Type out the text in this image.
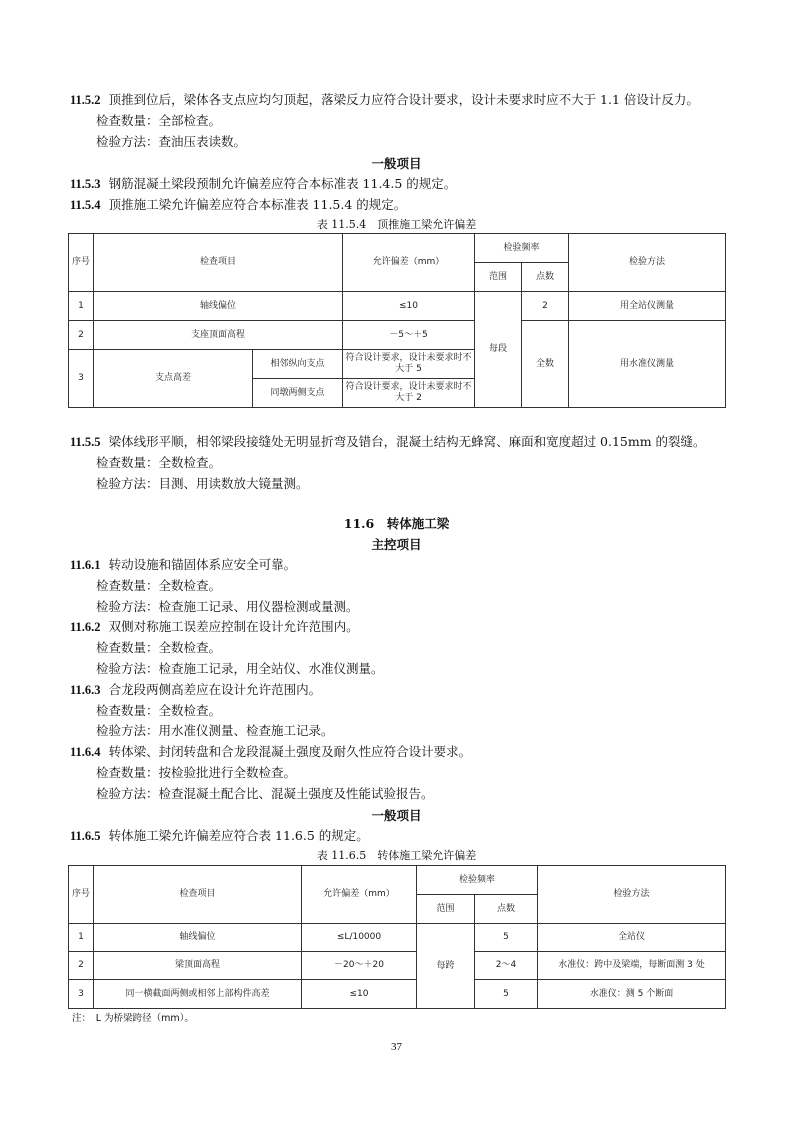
11.5.2 顶推到位后，梁体各支点应均匀顶起，落梁反力应符合设计要求，设计未要求时应不大于 1.1 倍设计反力。
检查数量：全部检查。
检验方法：查油压表读数。
一般项目
11.5.3 钢筋混凝土梁段预制允许偏差应符合本标准表 11.4.5 的规定。
11.5.4 顶推施工梁允许偏差应符合本标准表 11.5.4 的规定。
表 11.5.4　顶推施工梁允许偏差
序号	检查项目		允许偏差（mm）	检验频率		检验方法
				范围	点数	
1	轴线偏位		≤10	每段	2	用全站仪测量
2	支座顶面高程		－5～＋5		全数	用水准仪测量
3	支点高差	相邻纵向支点	符合设计要求，设计未要求时不大于 5			
		同墩两侧支点	符合设计要求，设计未要求时不大于 2			
11.5.5 梁体线形平顺，相邻梁段接缝处无明显折弯及错台，混凝土结构无蜂窝、麻面和宽度超过 0.15mm 的裂缝。
检查数量：全数检查。
检验方法：目测、用读数放大镜量测。
11.6　转体施工梁
主控项目
11.6.1 转动设施和锚固体系应安全可靠。
检查数量：全数检查。
检验方法：检查施工记录、用仪器检测或量测。
11.6.2 双侧对称施工误差应控制在设计允许范围内。
检查数量：全数检查。
检验方法：检查施工记录，用全站仪、水准仪测量。
11.6.3 合龙段两侧高差应在设计允许范围内。
检查数量：全数检查。
检验方法：用水准仪测量、检查施工记录。
11.6.4 转体梁、封闭转盘和合龙段混凝土强度及耐久性应符合设计要求。
检查数量：按检验批进行全数检查。
检验方法：检查混凝土配合比、混凝土强度及性能试验报告。
一般项目
11.6.5 转体施工梁允许偏差应符合表 11.6.5 的规定。
表 11.6.5　转体施工梁允许偏差
序号	检查项目	允许偏差（mm）	检验频率		检验方法
			范围	点数	
1	轴线偏位	≤L/10000	每跨	5	全站仪
2	梁顶面高程	－20～＋20		2～4	水准仪：跨中及梁端，每断面测 3 处
3	同一横截面两侧或相邻上部构件高差	≤10		5	水准仪：测 5 个断面
注：　L 为桥梁跨径（mm）。
37
